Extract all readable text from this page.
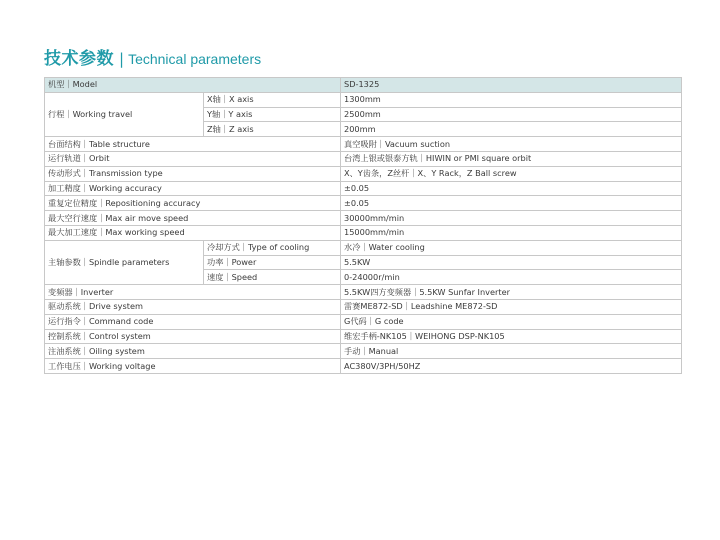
技术参数 | Technical parameters
机型｜Model		SD-1325
行程｜Working travel	X轴｜X axis	1300mm
	Y轴｜Y axis	2500mm
	Z轴｜Z axis	200mm
台面结构｜Table structure		真空吸附｜Vacuum suction
运行轨道｜Orbit		台湾上银或银泰方轨｜HIWIN or PMI square orbit
传动形式｜Transmission type		X、Y齿条，Z丝杆｜X、Y Rack，Z Ball screw
加工精度｜Working accuracy		±0.05
重复定位精度｜Repositioning accuracy		±0.05
最大空行速度｜Max air move speed		30000mm/min
最大加工速度｜Max working speed		15000mm/min
主轴参数｜Spindle parameters	冷却方式｜Type of cooling	水冷｜Water cooling
	功率｜Power	5.5KW
	速度｜Speed	0-24000r/min
变频器｜Inverter		5.5KW四方变频器｜5.5KW Sunfar Inverter
驱动系统｜Drive system		雷赛ME872-SD｜Leadshine ME872-SD
运行指令｜Command code		G代码｜G code
控制系统｜Control system		维宏手柄-NK105｜WEIHONG DSP-NK105
注油系统｜Oiling system		手动｜Manual
工作电压｜Working voltage		AC380V/3PH/50HZ
